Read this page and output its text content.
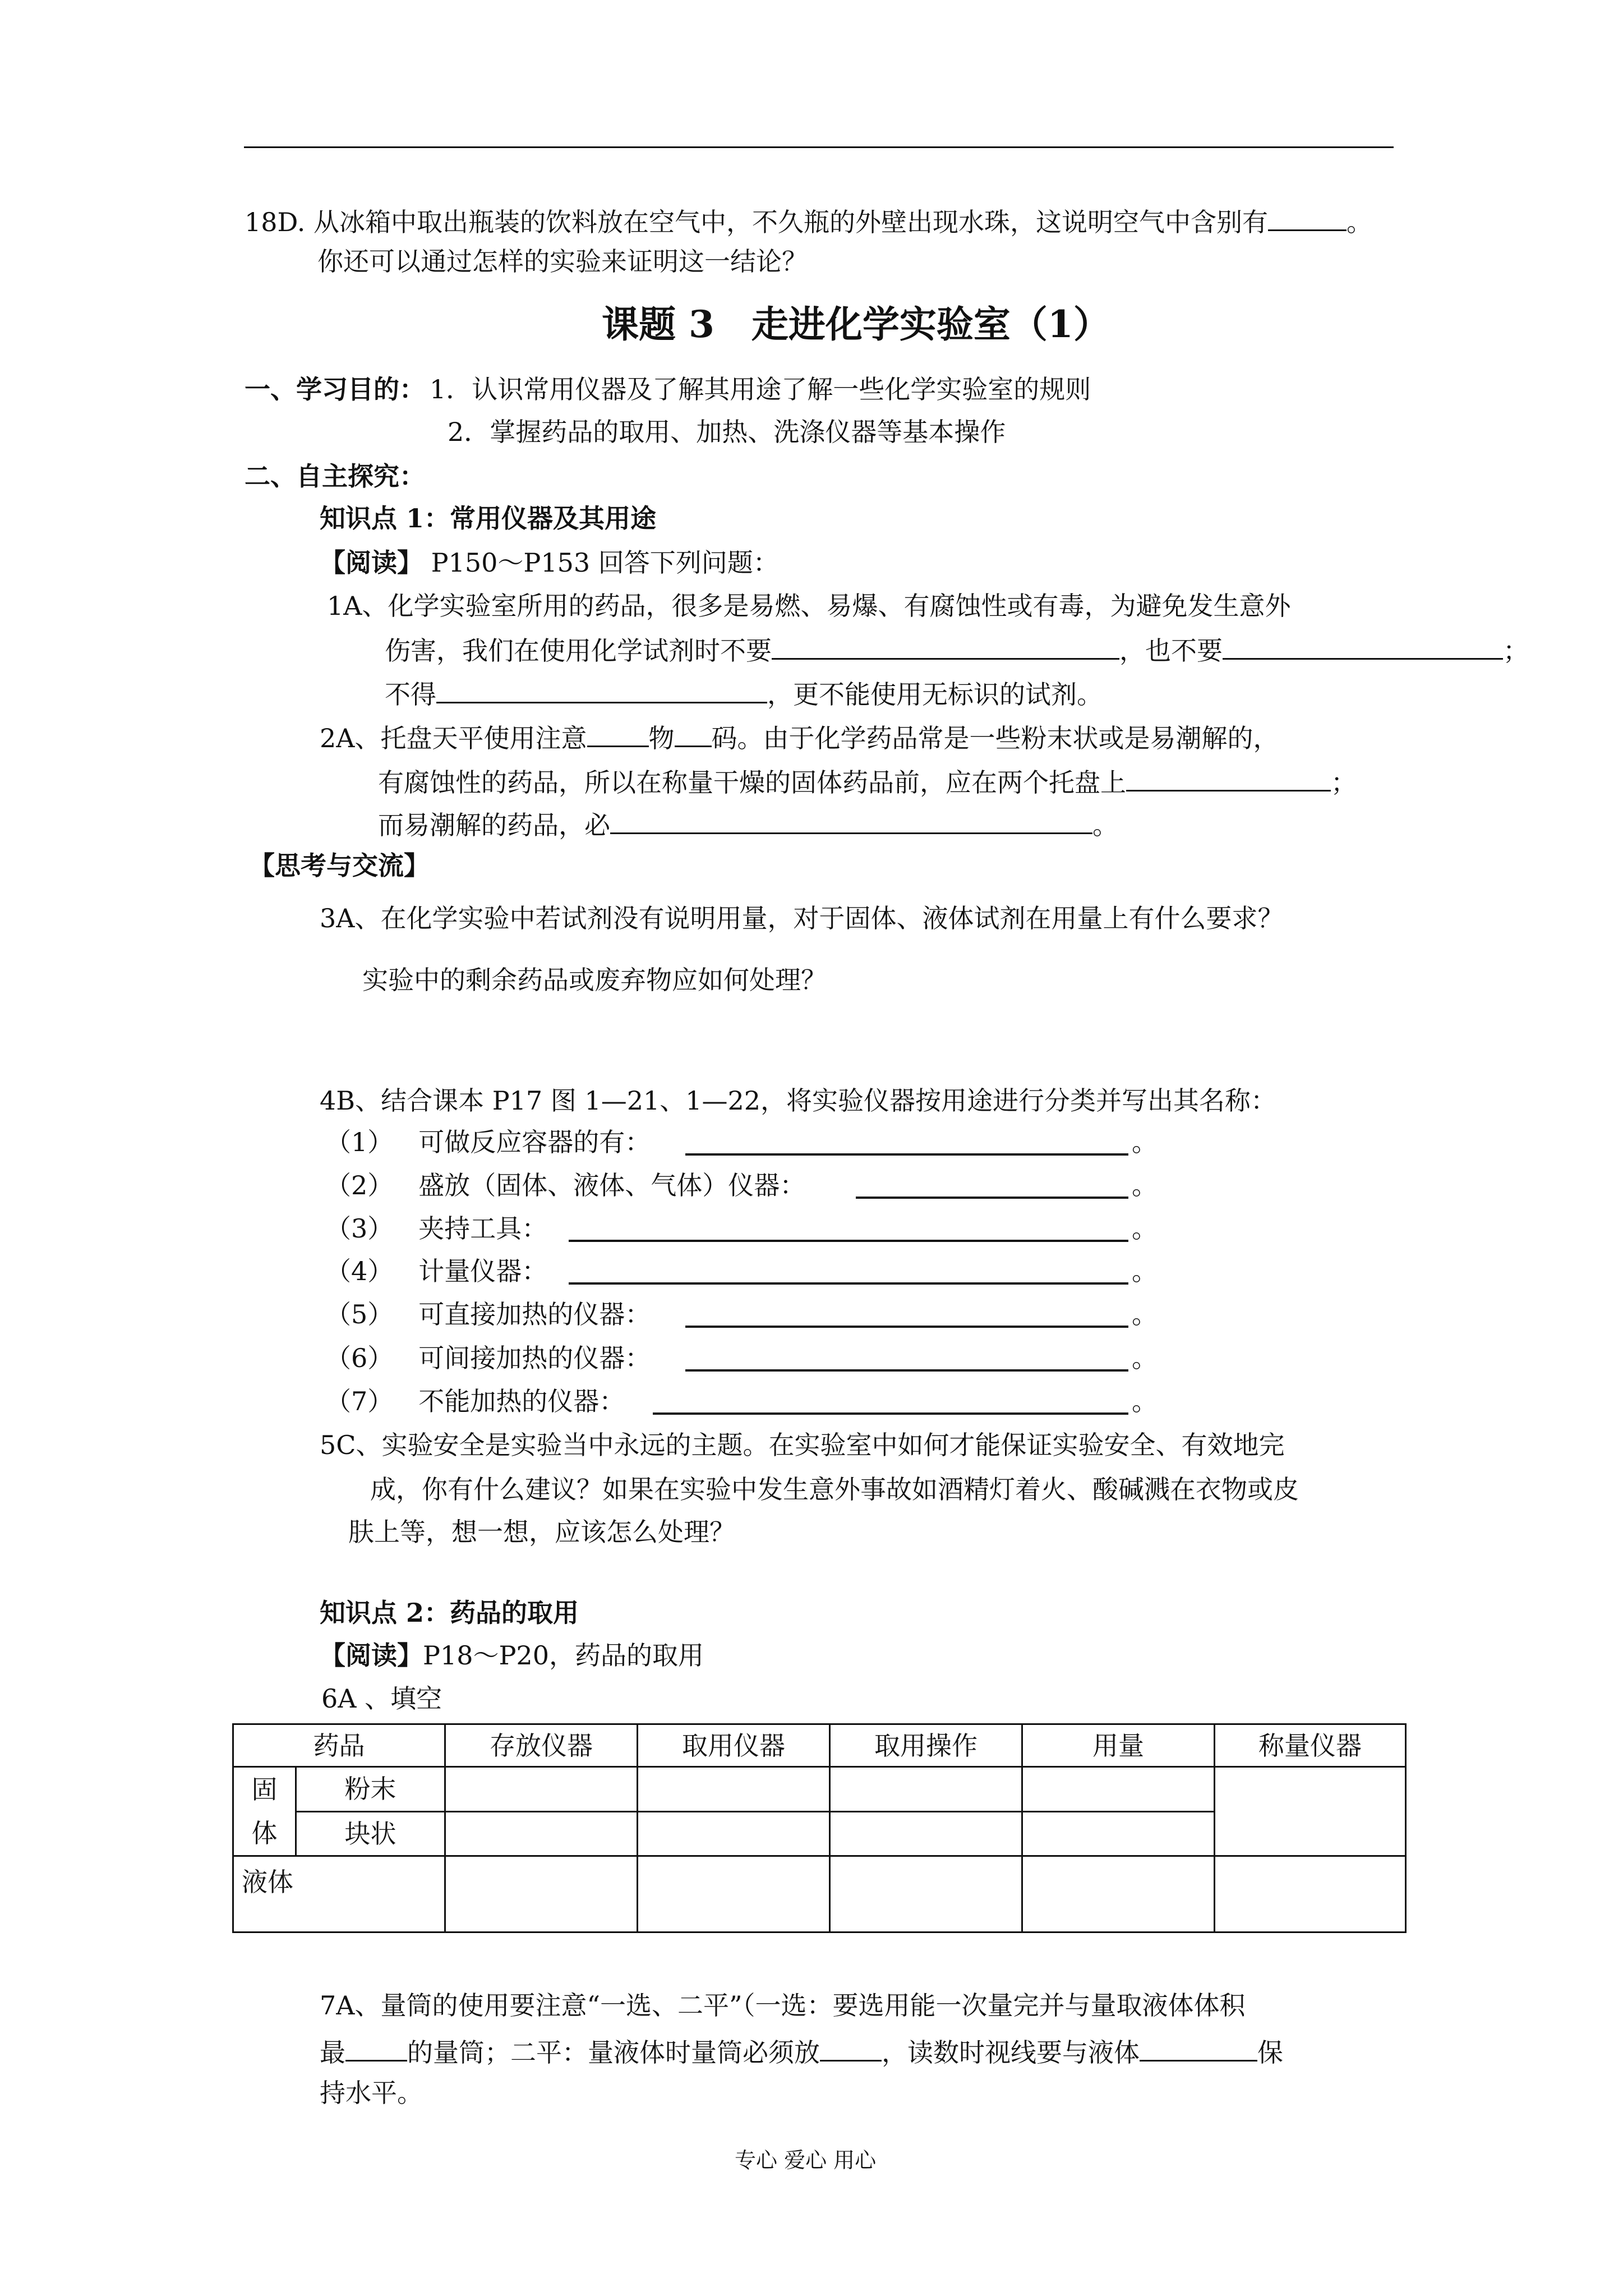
18D. 从冰箱中取出瓶装的饮料放在空气中，不久瓶的外壁出现水珠，这说明空气中含别有	。
你还可以通过怎样的实验来证明这一结论？
课题 3　走进化学实验室（1）
一、学习目的： 1．认识常用仪器及了解其用途了解一些化学实验室的规则
2．掌握药品的取用、加热、洗涤仪器等基本操作
二、自主探究：
知识点 1：常用仪器及其用途
【阅读】 P150～P153 回答下列问题：
1A、化学实验室所用的药品，很多是易燃、易爆、有腐蚀性或有毒，为避免发生意外
伤害，我们在使用化学试剂时不要	，也不要	；
不得	，更不能使用无标识的试剂。
2A、托盘天平使用注意 物 码。由于化学药品常是一些粉末状或是易潮解的，
有腐蚀性的药品，所以在称量干燥的固体药品前，应在两个托盘上	；
而易潮解的药品，必	。
【思考与交流】
3A、在化学实验中若试剂没有说明用量，对于固体、液体试剂在用量上有什么要求？
实验中的剩余药品或废弃物应如何处理？
4B、结合课本 P17 图 1—21、1—22，将实验仪器按用途进行分类并写出其名称：
（1） 可做反应容器的有：	。
（2） 盛放（固体、液体、气体）仪器：	。
（3） 夹持工具：	。
（4） 计量仪器：	。
（5） 可直接加热的仪器：	。
（6） 可间接加热的仪器：	。
（7） 不能加热的仪器：	。
5C、实验安全是实验当中永远的主题。在实验室中如何才能保证实验安全、有效地完
成，你有什么建议？如果在实验中发生意外事故如酒精灯着火、酸碱溅在衣物或皮
肤上等，想一想，应该怎么处理？
知识点 2：药品的取用
【阅读】P18～P20，药品的取用
6A 、填空
药品		存放仪器	取用仪器	取用操作	用量	称量仪器

固
体	粉末					
	块状					
液体						
7A、量筒的使用要注意“一选、二平”（一选：要选用能一次量完并与量取液体体积
最 的量筒；二平：量液体时量筒必须放 ，读数时视线要与液体	保
持水平。
专心 爱心 用心
